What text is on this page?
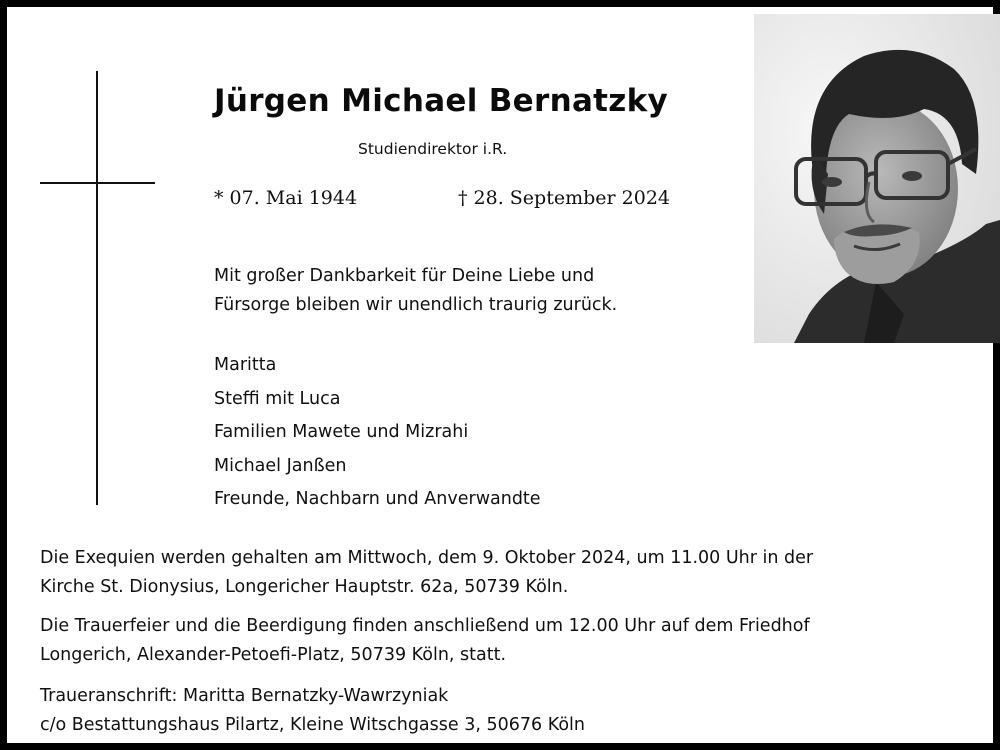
Jürgen Michael Bernatzky
Studiendirektor i.R.
* 07. Mai 1944	† 28. September 2024
Mit großer Dankbarkeit für Deine Liebe und
Fürsorge bleiben wir unendlich traurig zurück.
Maritta
Steffi mit Luca
Familien Mawete und Mizrahi
Michael Janßen
Freunde, Nachbarn und Anverwandte
Die Exequien werden gehalten am Mittwoch, dem 9. Oktober 2024, um 11.00 Uhr in der
Kirche St. Dionysius, Longericher Hauptstr. 62a, 50739 Köln.
Die Trauerfeier und die Beerdigung finden anschließend um 12.00 Uhr auf dem Friedhof
Longerich, Alexander-Petoefi-Platz, 50739 Köln, statt.
Traueranschrift: Maritta Bernatzky-Wawrzyniak
c/o Bestattungshaus Pilartz, Kleine Witschgasse 3, 50676 Köln
